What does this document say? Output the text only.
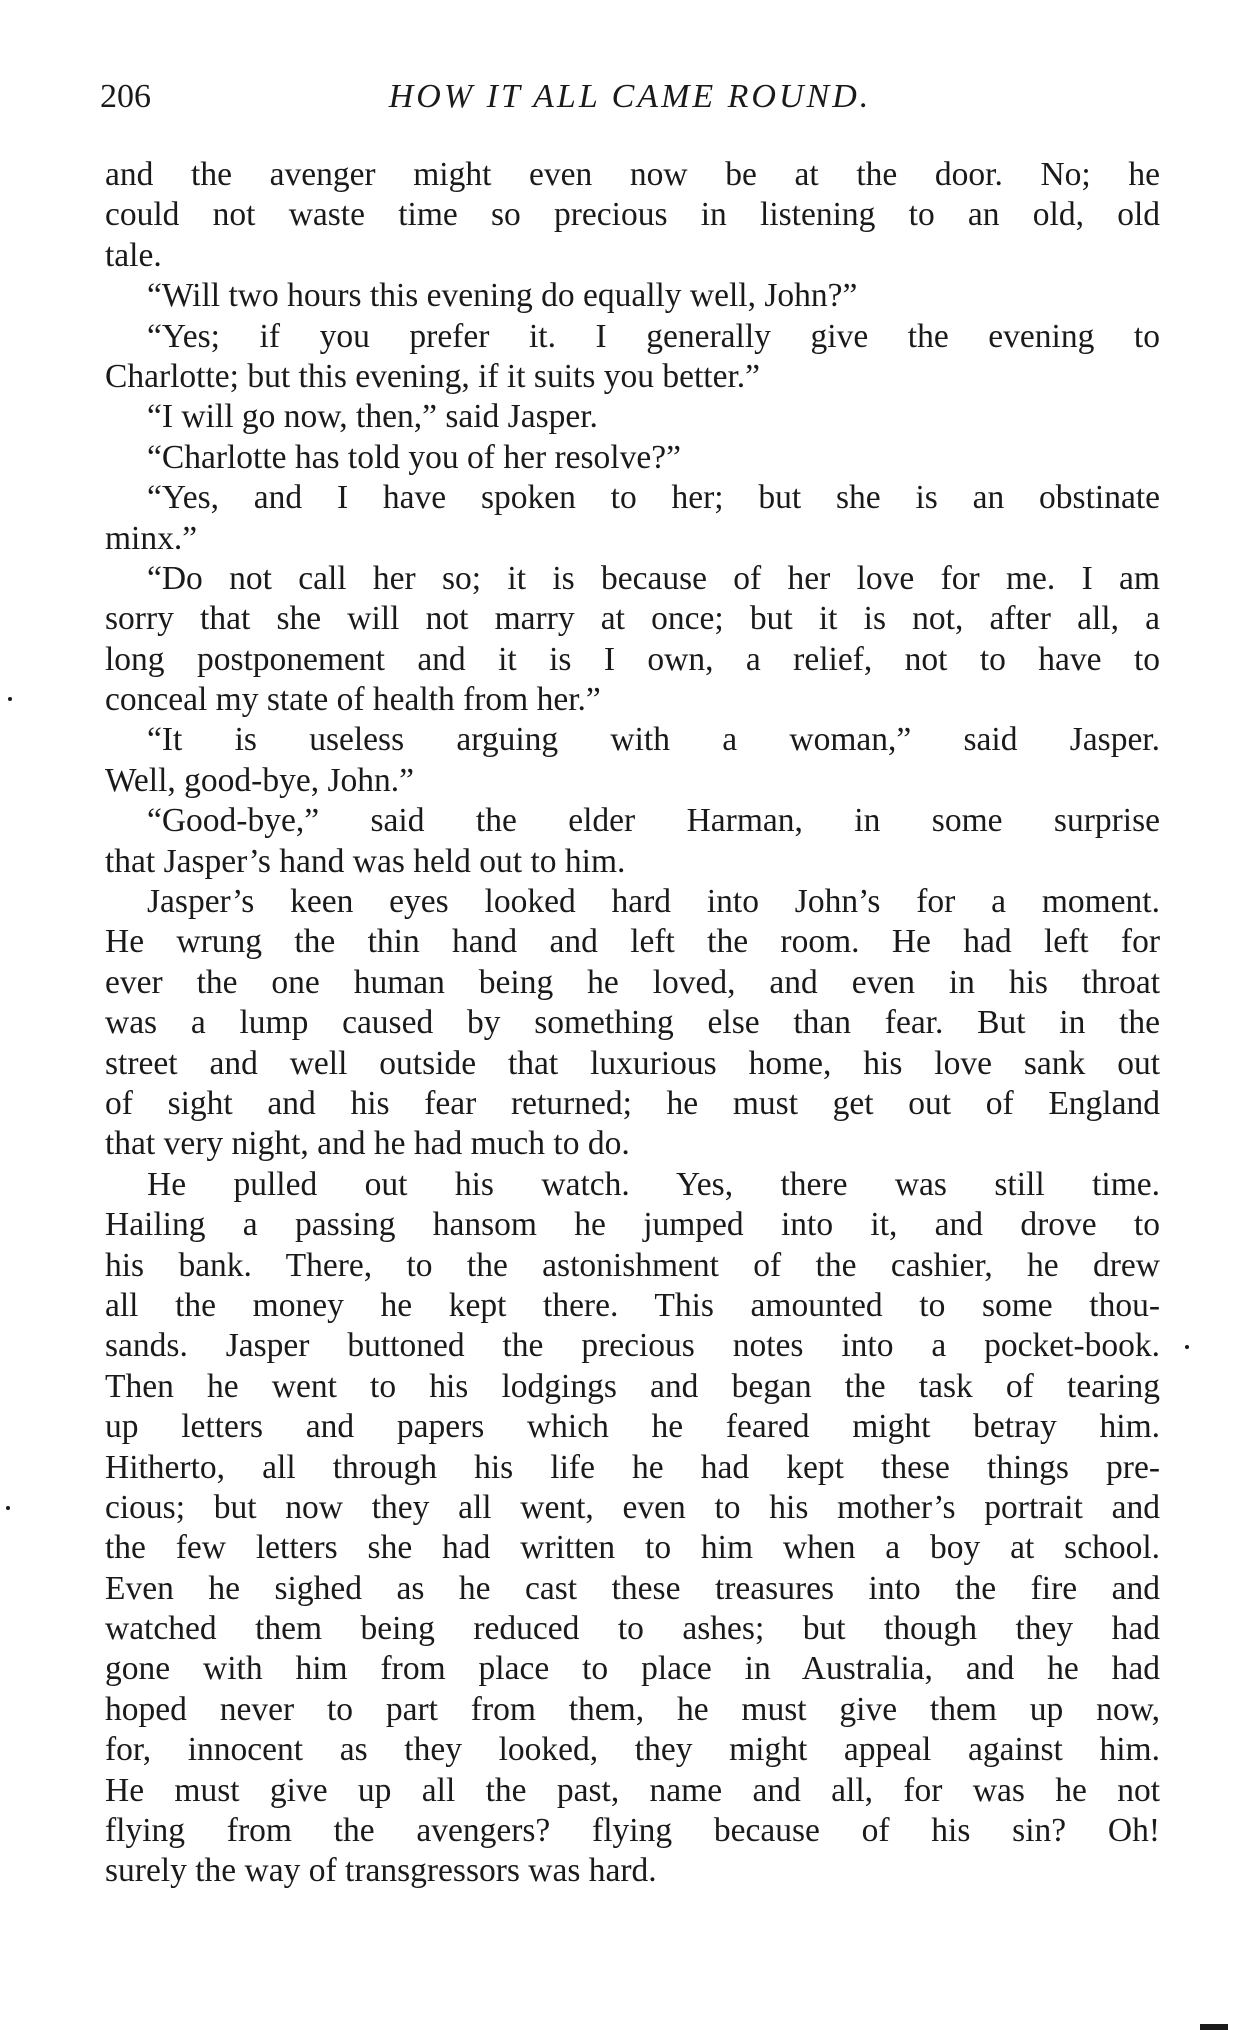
206	HOW IT ALL CAME ROUND.
and the avenger might even now be at the door. No; he
could not waste time so precious in listening to an old, old
tale.
“Will two hours this evening do equally well, John?”
“Yes; if you prefer it. I generally give the evening to
Charlotte; but this evening, if it suits you better.”
“I will go now, then,” said Jasper.
“Charlotte has told you of her resolve?”
“Yes, and I have spoken to her; but she is an obstinate
minx.”
“Do not call her so; it is because of her love for me. I am
sorry that she will not marry at once; but it is not, after all, a
long postponement and it is I own, a relief, not to have to
conceal my state of health from her.”
“It is useless arguing with a woman,” said Jasper.
Well, good-bye, John.”
“Good-bye,” said the elder Harman, in some surprise
that Jasper’s hand was held out to him.
Jasper’s keen eyes looked hard into John’s for a moment.
He wrung the thin hand and left the room. He had left for
ever the one human being he loved, and even in his throat
was a lump caused by something else than fear. But in the
street and well outside that luxurious home, his love sank out
of sight and his fear returned; he must get out of England
that very night, and he had much to do.
He pulled out his watch. Yes, there was still time.
Hailing a passing hansom he jumped into it, and drove to
his bank. There, to the astonishment of the cashier, he drew
all the money he kept there. This amounted to some thou-
sands. Jasper buttoned the precious notes into a pocket-book.
Then he went to his lodgings and began the task of tearing
up letters and papers which he feared might betray him.
Hitherto, all through his life he had kept these things pre-
cious; but now they all went, even to his mother’s portrait and
the few letters she had written to him when a boy at school.
Even he sighed as he cast these treasures into the fire and
watched them being reduced to ashes; but though they had
gone with him from place to place in Australia, and he had
hoped never to part from them, he must give them up now,
for, innocent as they looked, they might appeal against him.
He must give up all the past, name and all, for was he not
flying from the avengers? flying because of his sin? Oh!
surely the way of transgressors was hard.
